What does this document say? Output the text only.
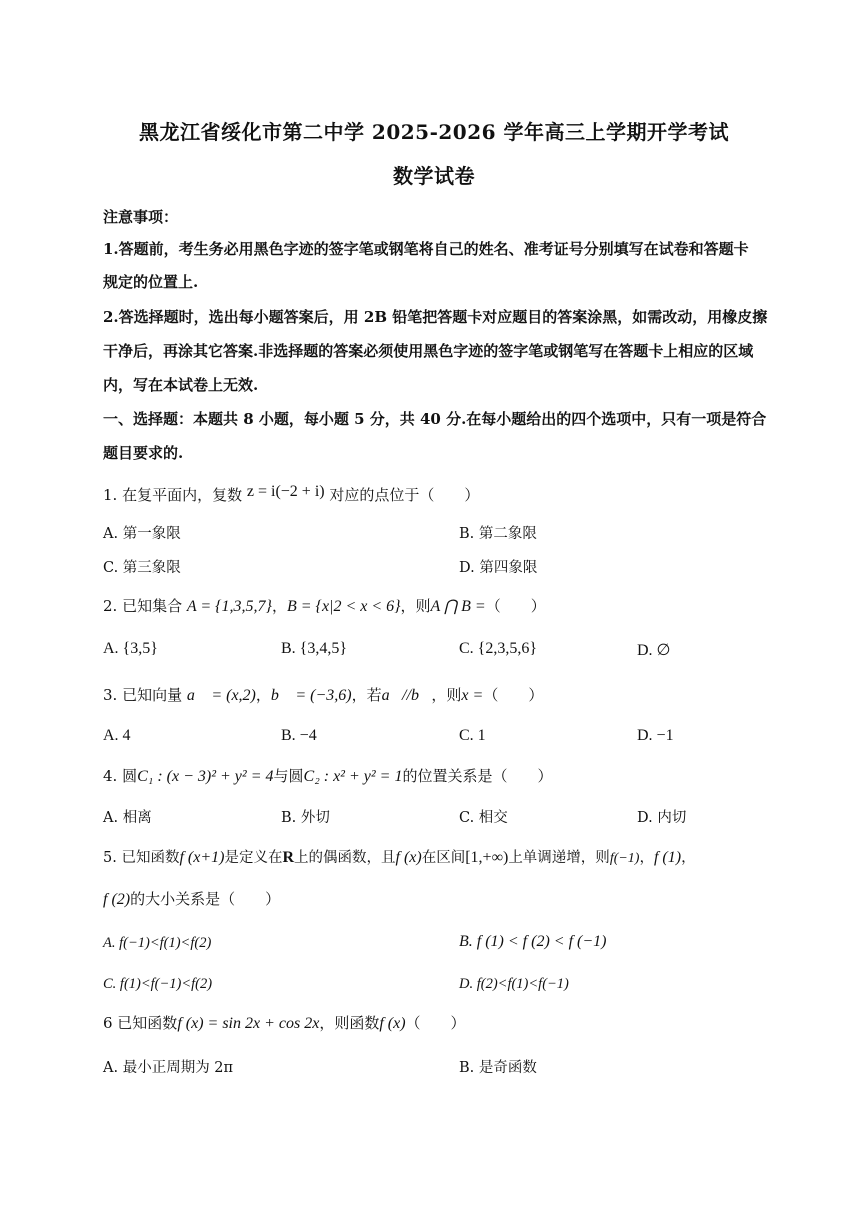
黑龙江省绥化市第二中学 2025-2026 学年高三上学期开学考试
数学试卷
注意事项：
1.答题前，考生务必用黑色字迹的签字笔或钢笔将自己的姓名、准考证号分别填写在试卷和答题卡
规定的位置上.
2.答选择题时，选出每小题答案后，用 2B 铅笔把答题卡对应题目的答案涂黑，如需改动，用橡皮擦
干净后，再涂其它答案.非选择题的答案必须使用黑色字迹的签字笔或钢笔写在答题卡上相应的区域
内，写在本试卷上无效.
一、选择题：本题共 8 小题，每小题 5 分，共 40 分.在每小题给出的四个选项中，只有一项是符合
题目要求的.
1. 在复平面内，复数 z = i(−2 + i) 对应的点位于（　　）
A. 第一象限	B. 第二象限
C. 第三象限	D. 第四象限
2. 已知集合 A = {1,3,5,7}，B = {x|2 < x < 6}，则A ⋂ B =（　　）
A. {3,5}	B. {3,4,5}	C. {2,3,5,6}	D. ∅
3. 已知向量 a⃗ = (x,2)，b⃗ = (−3,6)，若a⃗//b⃗，则x =（　　）
A. 4	B. −4	C. 1	D. −1
4. 圆C₁ : (x − 3)² + y² = 4与圆C₂ : x² + y² = 1的位置关系是（　　）
A. 相离	B. 外切	C. 相交	D. 内切
5. 已知函数f (x+1)是定义在R上的偶函数，且f (x)在区间[1,+∞)上单调递增，则f(−1)，f (1)，
f (2)的大小关系是（　　）
A. f(−1)<f(1)<f(2)	B. f (1) < f (2) < f (−1)
C. f(1)<f(−1)<f(2)	D. f(2)<f(1)<f(−1)
6 已知函数f (x) = sin 2x + cos 2x，则函数f (x)（　　）
A. 最小正周期为 2π	B. 是奇函数
